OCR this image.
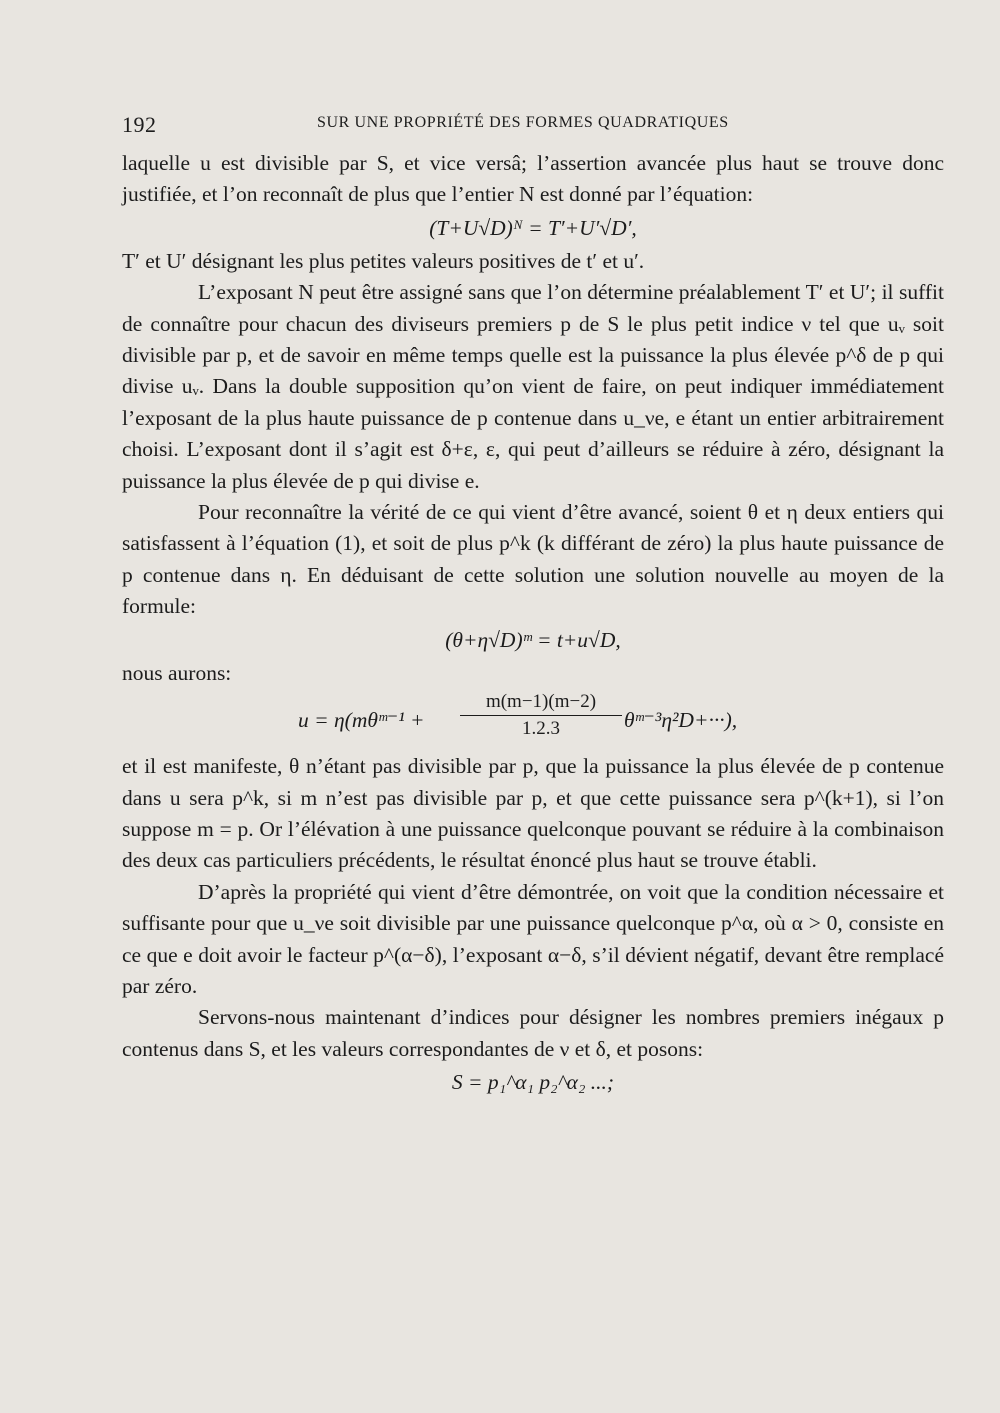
192	SUR UNE PROPRIÉTÉ DES FORMES QUADRATIQUES

laquelle u est divisible par S, et vice versâ; l’assertion avancée plus haut se trouve donc justifiée, et l’on reconnaît de plus que l’entier N est donné par l’équation:

(T+U√D)ᴺ = T′+U′√D′,

T′ et U′ désignant les plus petites valeurs positives de t′ et u′.

L’exposant N peut être assigné sans que l’on détermine préalablement T′ et U′; il suffit de connaître pour chacun des diviseurs premiers p de S le plus petit indice ν tel que uᵥ soit divisible par p, et de savoir en même temps quelle est la puissance la plus élevée p^δ de p qui divise uᵥ. Dans la double supposition qu’on vient de faire, on peut indiquer immédiatement l’exposant de la plus haute puissance de p contenue dans u_νe, e étant un entier arbitrairement choisi. L’exposant dont il s’agit est δ+ε, ε, qui peut d’ailleurs se réduire à zéro, désignant la puissance la plus élevée de p qui divise e.

Pour reconnaître la vérité de ce qui vient d’être avancé, soient θ et η deux entiers qui satisfassent à l’équation (1), et soit de plus p^k (k différant de zéro) la plus haute puissance de p contenue dans η. En déduisant de cette solution une solution nouvelle au moyen de la formule:

(θ+η√D)ᵐ = t+u√D,

nous aurons:

u = η(mθᵐ⁻¹ + $\frac{m(m-1)(m-2)}{1.2.3}$ θᵐ⁻³η²D+···),

et il est manifeste, θ n’étant pas divisible par p, que la puissance la plus élevée de p contenue dans u sera p^k, si m n’est pas divisible par p, et que cette puissance sera p^(k+1), si l’on suppose m = p. Or l’élévation à une puissance quelconque pouvant se réduire à la combinaison des deux cas particuliers précédents, le résultat énoncé plus haut se trouve établi.

D’après la propriété qui vient d’être démontrée, on voit que la condition nécessaire et suffisante pour que u_νe soit divisible par une puissance quelconque p^α, où α > 0, consiste en ce que e doit avoir le facteur p^(α−δ), l’exposant α−δ, s’il dévient négatif, devant être remplacé par zéro.

Servons-nous maintenant d’indices pour désigner les nombres premiers inégaux p contenus dans S, et les valeurs correspondantes de ν et δ, et posons:

S = p₁^α₁ p₂^α₂ ...;
